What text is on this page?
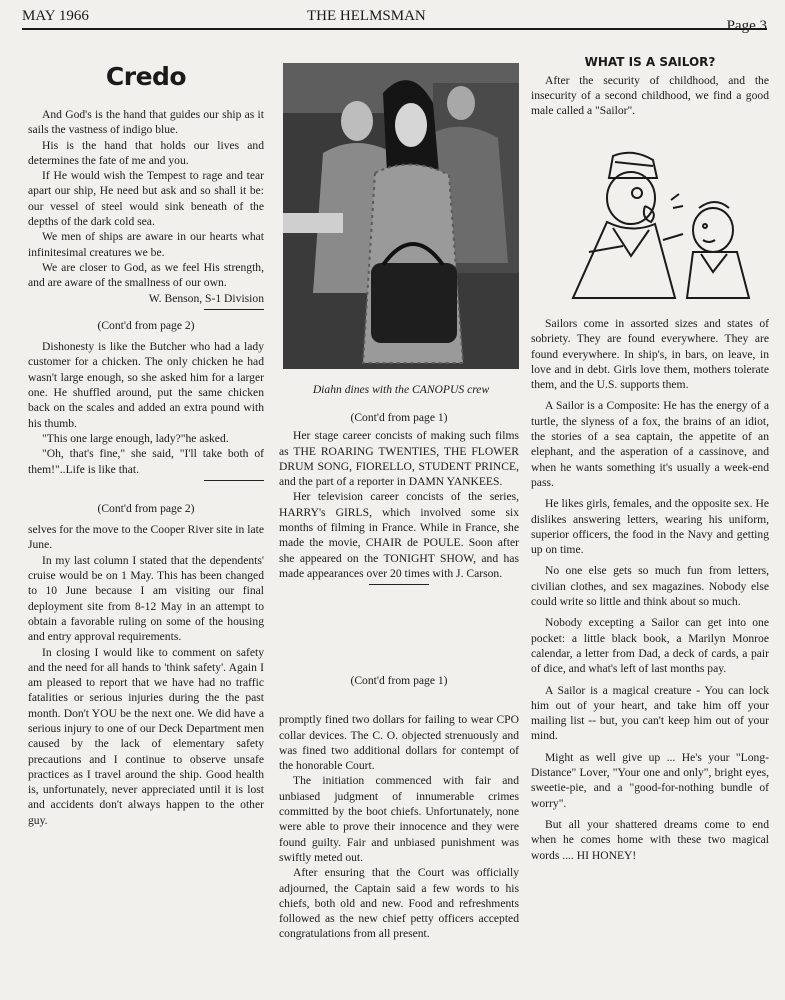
MAY 1966	THE HELMSMAN
Page 3
Credo

And God's is the hand that guides our ship as it sails the vastness of indigo blue.

His is the hand that holds our lives and determines the fate of me and you.

If He would wish the Tempest to rage and tear apart our ship, He need but ask and so shall it be: our vessel of steel would sink beneath of the depths of the dark cold sea.

We men of ships are aware in our hearts what infinitesimal creatures we be.

We are closer to God, as we feel His strength, and are aware of the smallness of our own.

W. Benson, S-1 Division

(Cont'd from page 2)

Dishonesty is like the Butcher who had a lady customer for a chicken. The only chicken he had wasn't large enough, so she asked him for a larger one. He shuffled around, put the same chicken back on the scales and added an extra pound with his thumb.

"This one large enough, lady?"he asked.

"Oh, that's fine," she said, "I'll take both of them!"..Life is like that.

(Cont'd from page 2)

selves for the move to the Cooper River site in late June.

In my last column I stated that the dependents' cruise would be on 1 May. This has been changed to 10 June because I am visiting our final deployment site from 8-12 May in an attempt to obtain a favorable ruling on some of the housing and entry approval requirements.

In closing I would like to comment on safety and the need for all hands to 'think safety'. Again I am pleased to report that we have had no traffic fatalities or serious injuries during the the past month. Don't YOU be the next one. We did have a serious injury to one of our Deck Department men caused by the lack of elementary safety precautions and I continue to observe unsafe practices as I travel around the ship. Good health is, unfortunately, never appreciated until it is lost and accidents don't always happen to the other guy.

Diahn dines with the CANOPUS crew
(Cont'd from page 1)

Her stage career concists of making such films as THE ROARING TWENTIES, THE FLOWER DRUM SONG, FIORELLO, STUDENT PRINCE, and the part of a reporter in DAMN YANKEES.

Her television career concists of the series, HARRY's GIRLS, which involved some six months of filming in France. While in France, she made the movie, CHAIR de POULE. Soon after she appeared on the TONIGHT SHOW, and has made appearances over 20 times with J. Carson.

(Cont'd from page 1)

promptly fined two dollars for failing to wear CPO collar devices. The C. O. objected strenuously and was fined two additional dollars for contempt of the honorable Court.

The initiation commenced with fair and unbiased judgment of innumerable crimes committed by the boot chiefs. Unfortunately, none were able to prove their innocence and they were found guilty. Fair and unbiased punishment was swiftly meted out.

After ensuring that the Court was officially adjourned, the Captain said a few words to his chiefs, both old and new. Food and refreshments followed as the new chief petty officers accepted congratulations from all present.

WHAT IS A SAILOR?

After the security of childhood, and the insecurity of a second childhood, we find a good male called a "Sailor".

Sailors come in assorted sizes and states of sobriety. They are found everywhere. They are found everywhere. In ship's, in bars, on leave, in love and in debt. Girls love them, mothers tolerate them, and the U.S. supports them.

A Sailor is a Composite: He has the energy of a turtle, the slyness of a fox, the brains of an idiot, the stories of a sea captain, the appetite of an elephant, and the asperation of a cassinove, and when he wants something it's usually a week-end pass.

He likes girls, females, and the opposite sex. He dislikes answering letters, wearing his uniform, superior officers, the food in the Navy and getting up on time.

No one else gets so much fun from letters, civilian clothes, and sex magazines. Nobody else could write so little and think about so much.

Nobody excepting a Sailor can get into one pocket: a little black book, a Marilyn Monroe calendar, a letter from Dad, a deck of cards, a pair of dice, and what's left of last months pay.

A Sailor is a magical creature - You can lock him out of your heart, and take him off your mailing list -- but, you can't keep him out of your mind.

Might as well give up ... He's your "Long-Distance" Lover, "Your one and only", bright eyes, sweetie-pie, and a "good-for-nothing bundle of worry".

But all your shattered dreams come to end when he comes home with these two magical words .... HI HONEY!
